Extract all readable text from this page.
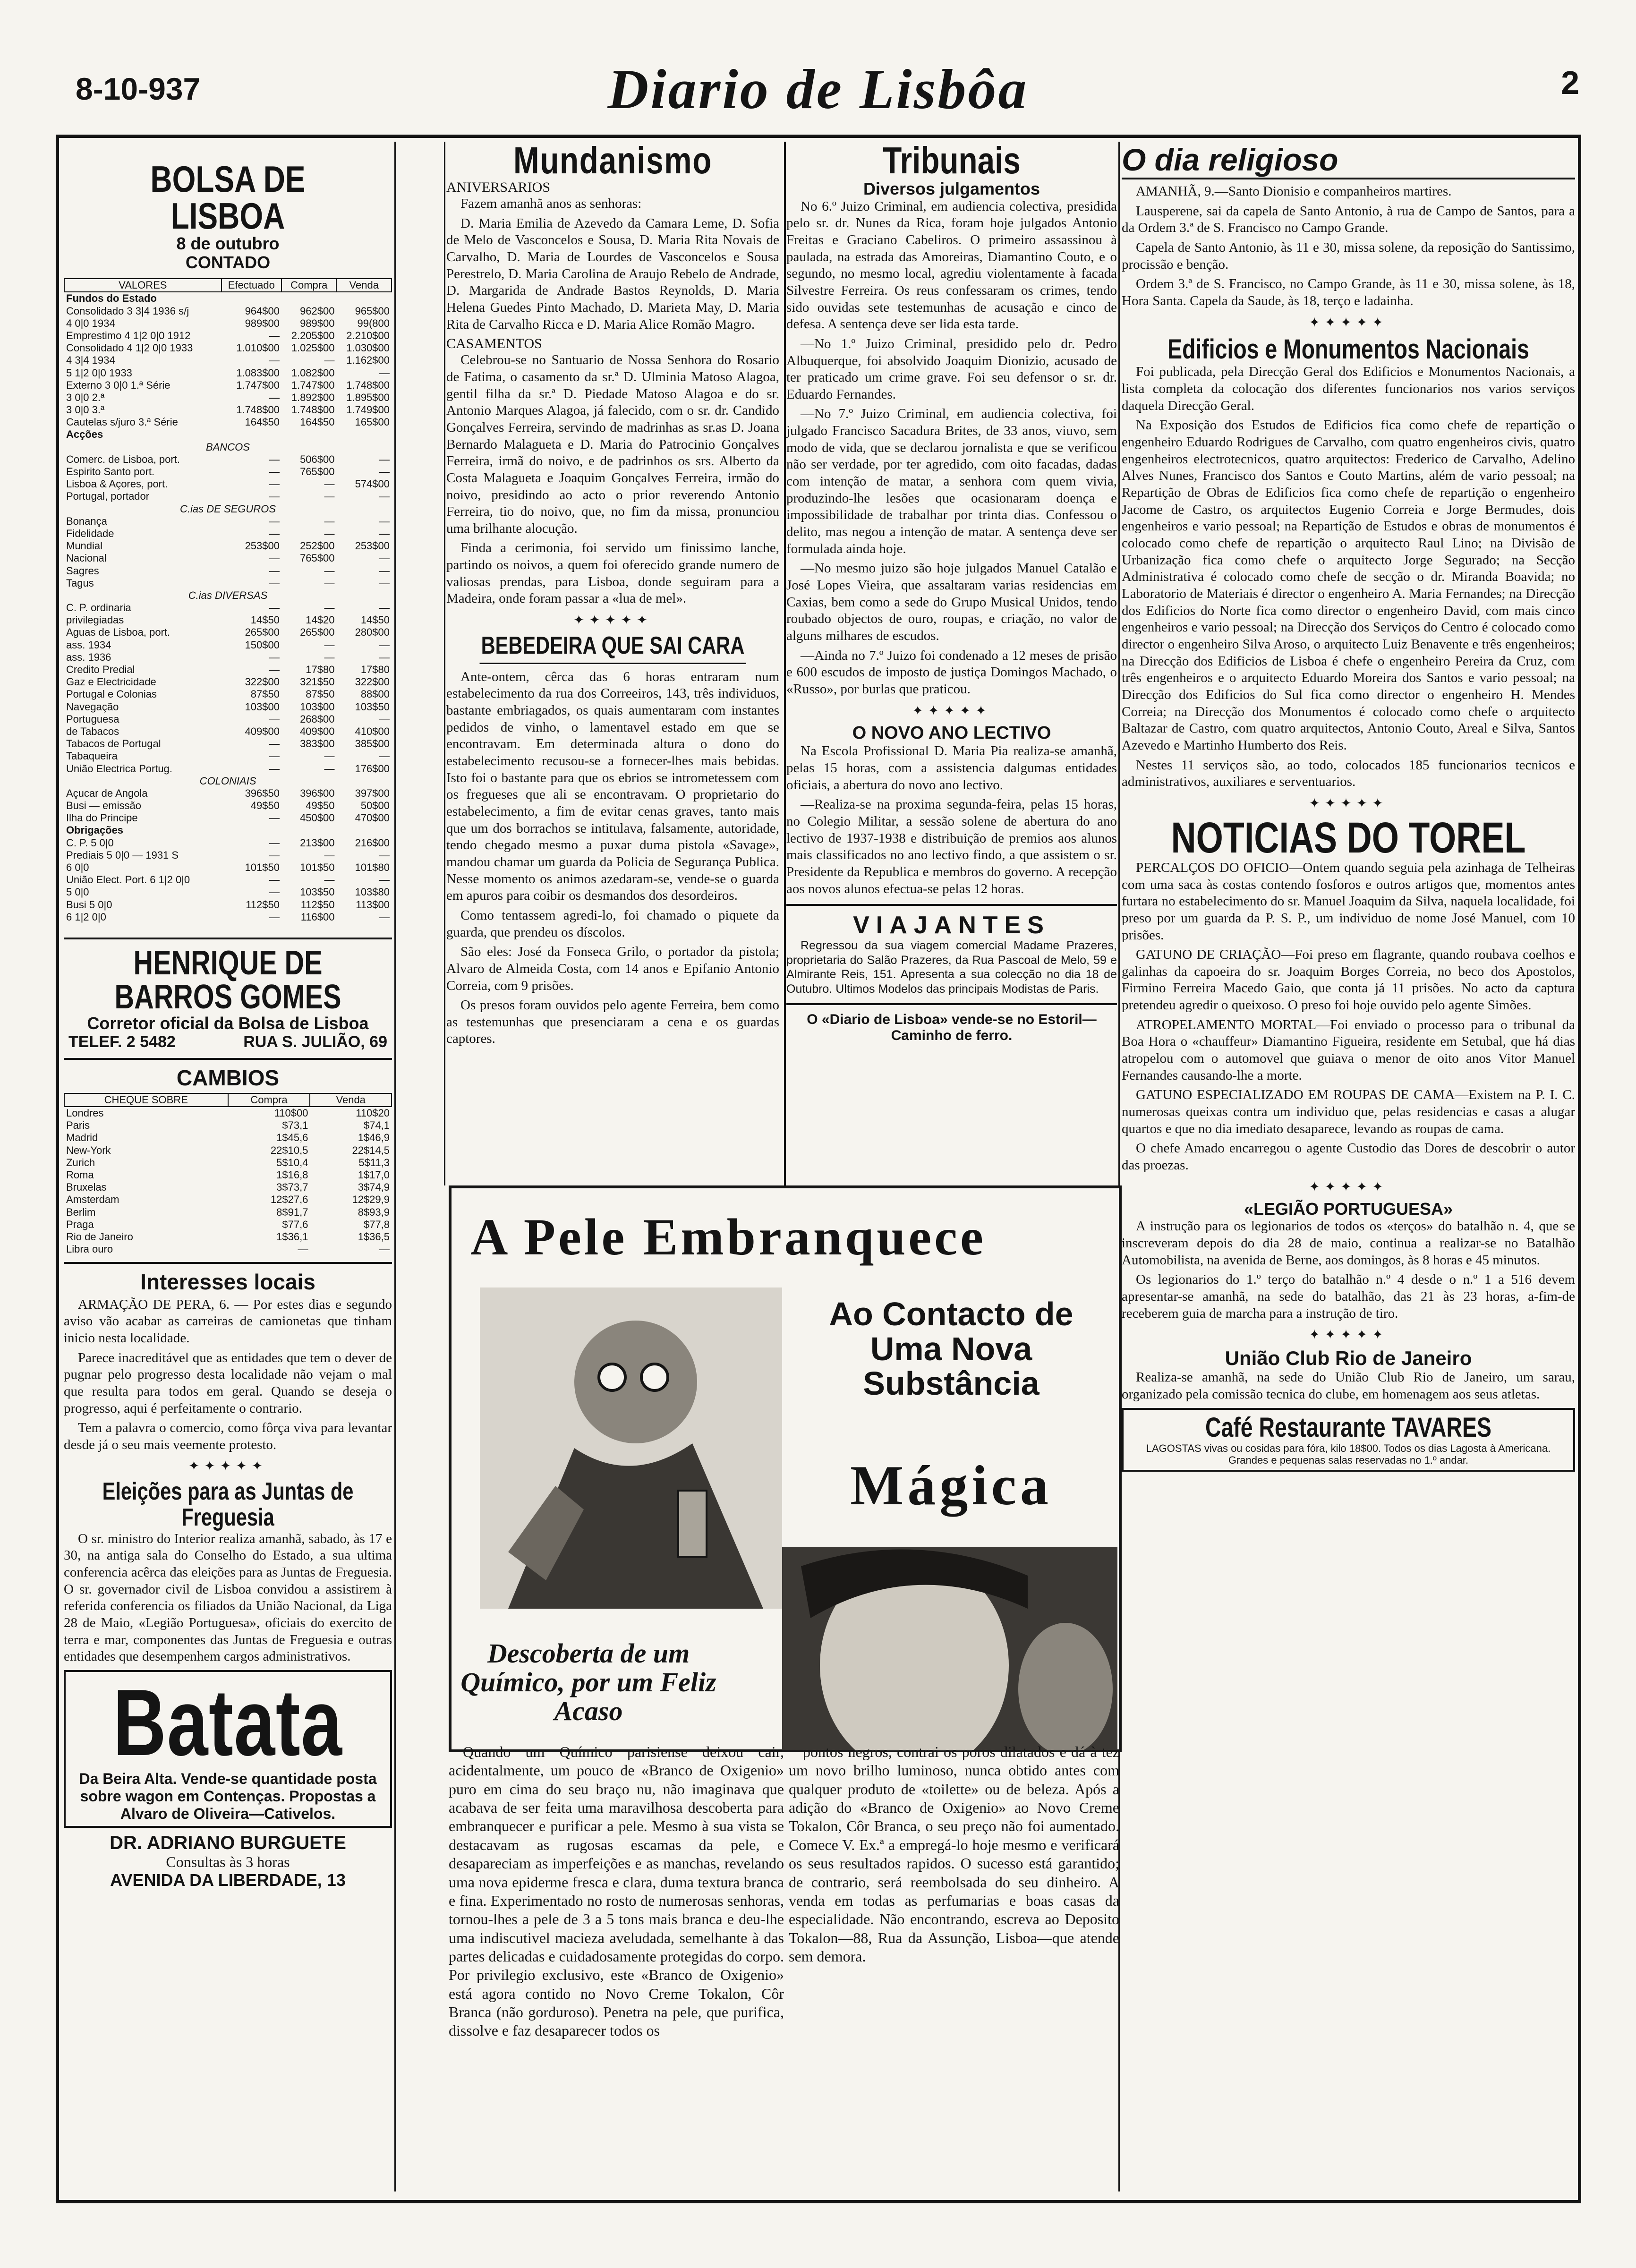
8-10-937	Diario de Lisbôa	2
BOLSA DE LISBOA
8 de outubro
CONTADO
VALORES	Efectuado	Compra	Venda
Fundos do Estado			
Consolidado 3 3|4 1936 s/j	964$00	962$00	965$00
4 0|0 1934	989$00	989$00	99(800
Emprestimo 4 1|2 0|0 1912	—	2.205$00	2.210$00
Consolidado 4 1|2 0|0 1933	1.010$00	1.025$00	1.030$00
4 3|4 1934	—	—	1.162$00
5 1|2 0|0 1933	1.083$00	1.082$00	—
Externo 3 0|0 1.ª Série	1.747$00	1.747$00	1.748$00
3 0|0 2.ª	—	1.892$00	1.895$00
3 0|0 3.ª	1.748$00	1.748$00	1.749$00
Cautelas s/juro 3.ª Série	164$50	164$50	165$00
Acções			
BANCOS			
Comerc. de Lisboa, port.	—	506$00	—
Espirito Santo port.	—	765$00	—
Lisboa & Açores, port.	—	—	574$00
Portugal, portador	—	—	—
C.ias DE SEGUROS			
Bonança	—	—	—
Fidelidade	—	—	—
Mundial	253$00	252$00	253$00
Nacional	—	765$00	—
Sagres	—	—	—
Tagus	—	—	—
C.ias DIVERSAS			
C. P. ordinaria	—	—	—
privilegiadas	14$50	14$20	14$50
Aguas de Lisboa, port.	265$00	265$00	280$00
ass. 1934	150$00	—	—
ass. 1936	—	—	—
Credito Predial	—	17$80	17$80
Gaz e Electricidade	322$00	321$50	322$00
Portugal e Colonias	87$50	87$50	88$00
Navegação	103$00	103$00	103$50
Portuguesa	—	268$00	—
de Tabacos	409$00	409$00	410$00
Tabacos de Portugal	—	383$00	385$00
Tabaqueira	—	—	—
União Electrica Portug.	—	—	176$00
COLONIAIS			
Açucar de Angola	396$50	396$00	397$00
Busi — emissão	49$50	49$50	50$00
Ilha do Principe	—	450$00	470$00
Obrigações			
C. P. 5 0|0	—	213$00	216$00
Prediais 5 0|0 — 1931 S	—	—	—
6 0|0	101$50	101$50	101$80
União Elect. Port. 6 1|2 0|0	—	—	—
5 0|0	—	103$50	103$80
Busi 5 0|0	112$50	112$50	113$00
6 1|2 0|0	—	116$00	—
HENRIQUE DE BARROS GOMES
Corretor oficial da Bolsa de Lisboa
TELEF. 2 5482	RUA S. JULIÃO, 69
CAMBIOS
CHEQUE SOBRE	Compra	Venda
Londres	110$00	110$20
Paris	$73,1	$74,1
Madrid	1$45,6	1$46,9
New-York	22$10,5	22$14,5
Zurich	5$10,4	5$11,3
Roma	1$16,8	1$17,0
Bruxelas	3$73,7	3$74,9
Amsterdam	12$27,6	12$29,9
Berlim	8$91,7	8$93,9
Praga	$77,6	$77,8
Rio de Janeiro	1$36,1	1$36,5
Libra ouro	—	—
Interesses locais

ARMAÇÃO DE PERA, 6. — Por estes dias e segundo aviso vão acabar as carreiras de camionetas que tinham inicio nesta localidade.

Parece inacreditável que as entidades que tem o dever de pugnar pelo progresso desta localidade não vejam o mal que resulta para todos em geral. Quando se deseja o progresso, aqui é perfeitamente o contrario.

Tem a palavra o comercio, como fôrça viva para levantar desde já o seu mais veemente protesto.

✦✦✦✦✦
Eleições para as Juntas de Freguesia

O sr. ministro do Interior realiza amanhã, sabado, às 17 e 30, na antiga sala do Conselho do Estado, a sua ultima conferencia acêrca das eleições para as Juntas de Freguesia. O sr. governador civil de Lisboa convidou a assistirem à referida conferencia os filiados da União Nacional, da Liga 28 de Maio, «Legião Portuguesa», oficiais do exercito de terra e mar, componentes das Juntas de Freguesia e outras entidades que desempenhem cargos administrativos.

Batata
Da Beira Alta. Vende-se quantidade posta sobre wagon em Contenças. Propostas a Alvaro de Oliveira—Cativelos.
DR. ADRIANO BURGUETE
Consultas às 3 horas
AVENIDA DA LIBERDADE, 13
Mundanismo
ANIVERSARIOS

Fazem amanhã anos as senhoras:

D. Maria Emilia de Azevedo da Camara Leme, D. Sofia de Melo de Vasconcelos e Sousa, D. Maria Rita Novais de Carvalho, D. Maria de Lourdes de Vasconcelos e Sousa Perestrelo, D. Maria Carolina de Araujo Rebelo de Andrade, D. Margarida de Andrade Bastos Reynolds, D. Maria Helena Guedes Pinto Machado, D. Marieta May, D. Maria Rita de Carvalho Ricca e D. Maria Alice Romão Magro.

CASAMENTOS

Celebrou-se no Santuario de Nossa Senhora do Rosario de Fatima, o casamento da sr.ª D. Ulminia Matoso Alagoa, gentil filha da sr.ª D. Piedade Matoso Alagoa e do sr. Antonio Marques Alagoa, já falecido, com o sr. dr. Candido Gonçalves Ferreira, servindo de madrinhas as sr.as D. Joana Bernardo Malagueta e D. Maria do Patrocinio Gonçalves Ferreira, irmã do noivo, e de padrinhos os srs. Alberto da Costa Malagueta e Joaquim Gonçalves Ferreira, irmão do noivo, presidindo ao acto o prior reverendo Antonio Ferreira, tio do noivo, que, no fim da missa, pronunciou uma brilhante alocução.

Finda a cerimonia, foi servido um finissimo lanche, partindo os noivos, a quem foi oferecido grande numero de valiosas prendas, para Lisboa, donde seguiram para a Madeira, onde foram passar a «lua de mel».

✦✦✦✦✦
BEBEDEIRA QUE SAI CARA

Ante-ontem, cêrca das 6 horas entraram num estabelecimento da rua dos Correeiros, 143, três individuos, bastante embriagados, os quais aumentaram com instantes pedidos de vinho, o lamentavel estado em que se encontravam. Em determinada altura o dono do estabelecimento recusou-se a fornecer-lhes mais bebidas. Isto foi o bastante para que os ebrios se intrometessem com os fregueses que ali se encontravam. O proprietario do estabelecimento, a fim de evitar cenas graves, tanto mais que um dos borrachos se intitulava, falsamente, autoridade, tendo chegado mesmo a puxar duma pistola «Savage», mandou chamar um guarda da Policia de Segurança Publica. Nesse momento os animos azedaram-se, vende-se o guarda em apuros para coibir os desmandos dos desordeiros.

Como tentassem agredi-lo, foi chamado o piquete da guarda, que prendeu os díscolos.

São eles: José da Fonseca Grilo, o portador da pistola; Alvaro de Almeida Costa, com 14 anos e Epifanio Antonio Correia, com 9 prisões.

Os presos foram ouvidos pelo agente Ferreira, bem como as testemunhas que presenciaram a cena e os guardas captores.

Tribunais
Diversos julgamentos

No 6.º Juizo Criminal, em audiencia colectiva, presidida pelo sr. dr. Nunes da Rica, foram hoje julgados Antonio Freitas e Graciano Cabeliros. O primeiro assassinou à paulada, na estrada das Amoreiras, Diamantino Couto, e o segundo, no mesmo local, agrediu violentamente à facada Silvestre Ferreira. Os reus confessaram os crimes, tendo sido ouvidas sete testemunhas de acusação e cinco de defesa. A sentença deve ser lida esta tarde.

—No 1.º Juizo Criminal, presidido pelo dr. Pedro Albuquerque, foi absolvido Joaquim Dionizio, acusado de ter praticado um crime grave. Foi seu defensor o sr. dr. Eduardo Fernandes.

—No 7.º Juizo Criminal, em audiencia colectiva, foi julgado Francisco Sacadura Brites, de 33 anos, viuvo, sem modo de vida, que se declarou jornalista e que se verificou não ser verdade, por ter agredido, com oito facadas, dadas com intenção de matar, a senhora com quem vivia, produzindo-lhe lesões que ocasionaram doença e impossibilidade de trabalhar por trinta dias. Confessou o delito, mas negou a intenção de matar. A sentença deve ser formulada ainda hoje.

—No mesmo juizo são hoje julgados Manuel Catalão e José Lopes Vieira, que assaltaram varias residencias em Caxias, bem como a sede do Grupo Musical Unidos, tendo roubado objectos de ouro, roupas, e criação, no valor de alguns milhares de escudos.

—Ainda no 7.º Juizo foi condenado a 12 meses de prisão e 600 escudos de imposto de justiça Domingos Machado, o «Russo», por burlas que praticou.

✦✦✦✦✦
O NOVO ANO LECTIVO

Na Escola Profissional D. Maria Pia realiza-se amanhã, pelas 15 horas, com a assistencia dalgumas entidades oficiais, a abertura do novo ano lectivo.

—Realiza-se na proxima segunda-feira, pelas 15 horas, no Colegio Militar, a sessão solene de abertura do ano lectivo de 1937-1938 e distribuição de premios aos alunos mais classificados no ano lectivo findo, a que assistem o sr. Presidente da Republica e membros do governo. A recepção aos novos alunos efectua-se pelas 12 horas.

VIAJANTES

Regressou da sua viagem comercial Madame Prazeres, proprietaria do Salão Prazeres, da Rua Pascoal de Melo, 59 e Almirante Reis, 151. Apresenta a sua colecção no dia 18 de Outubro. Ultimos Modelos das principais Modistas de Paris.

O «Diario de Lisboa» vende-se no Estoril—Caminho de ferro.
O dia religioso

AMANHÃ, 9.—Santo Dionisio e companheiros martires.

Lausperene, sai da capela de Santo Antonio, à rua de Campo de Santos, para a da Ordem 3.ª de S. Francisco no Campo Grande.

Capela de Santo Antonio, às 11 e 30, missa solene, da reposição do Santissimo, procissão e benção.

Ordem 3.ª de S. Francisco, no Campo Grande, às 11 e 30, missa solene, às 18, Hora Santa. Capela da Saude, às 18, terço e ladainha.

✦✦✦✦✦
Edificios e Monumentos Nacionais

Foi publicada, pela Direcção Geral dos Edificios e Monumentos Nacionais, a lista completa da colocação dos diferentes funcionarios nos varios serviços daquela Direcção Geral.

Na Exposição dos Estudos de Edificios fica como chefe de repartição o engenheiro Eduardo Rodrigues de Carvalho, com quatro engenheiros civis, quatro engenheiros electrotecnicos, quatro arquitectos: Frederico de Carvalho, Adelino Alves Nunes, Francisco dos Santos e Couto Martins, além de vario pessoal; na Repartição de Obras de Edificios fica como chefe de repartição o engenheiro Jacome de Castro, os arquitectos Eugenio Correia e Jorge Bermudes, dois engenheiros e vario pessoal; na Repartição de Estudos e obras de monumentos é colocado como chefe de repartição o arquitecto Raul Lino; na Divisão de Urbanização fica como chefe o arquitecto Jorge Segurado; na Secção Administrativa é colocado como chefe de secção o dr. Miranda Boavida; no Laboratorio de Materiais é director o engenheiro A. Maria Fernandes; na Direcção dos Edificios do Norte fica como director o engenheiro David, com mais cinco engenheiros e vario pessoal; na Direcção dos Serviços do Centro é colocado como director o engenheiro Silva Aroso, o arquitecto Luiz Benavente e três engenheiros; na Direcção dos Edificios de Lisboa é chefe o engenheiro Pereira da Cruz, com três engenheiros e o arquitecto Eduardo Moreira dos Santos e vario pessoal; na Direcção dos Edificios do Sul fica como director o engenheiro H. Mendes Correia; na Direcção dos Monumentos é colocado como chefe o arquitecto Baltazar de Castro, com quatro arquitectos, Antonio Couto, Areal e Silva, Santos Azevedo e Martinho Humberto dos Reis.

Nestes 11 serviços são, ao todo, colocados 185 funcionarios tecnicos e administrativos, auxiliares e serventuarios.

✦✦✦✦✦
NOTICIAS DO TOREL

PERCALÇOS DO OFICIO—Ontem quando seguia pela azinhaga de Telheiras com uma saca às costas contendo fosforos e outros artigos que, momentos antes furtara no estabelecimento do sr. Manuel Joaquim da Silva, naquela localidade, foi preso por um guarda da P. S. P., um individuo de nome José Manuel, com 10 prisões.

GATUNO DE CRIAÇÃO—Foi preso em flagrante, quando roubava coelhos e galinhas da capoeira do sr. Joaquim Borges Correia, no beco dos Apostolos, Firmino Ferreira Macedo Gaio, que conta já 11 prisões. No acto da captura pretendeu agredir o queixoso. O preso foi hoje ouvido pelo agente Simões.

ATROPELAMENTO MORTAL—Foi enviado o processo para o tribunal da Boa Hora o «chauffeur» Diamantino Figueira, residente em Setubal, que há dias atropelou com o automovel que guiava o menor de oito anos Vitor Manuel Fernandes causando-lhe a morte.

GATUNO ESPECIALIZADO EM ROUPAS DE CAMA—Existem na P. I. C. numerosas queixas contra um individuo que, pelas residencias e casas a alugar quartos e que no dia imediato desaparece, levando as roupas de cama.

O chefe Amado encarregou o agente Custodio das Dores de descobrir o autor das proezas.

✦✦✦✦✦
«LEGIÃO PORTUGUESA»

A instrução para os legionarios de todos os «terços» do batalhão n. 4, que se inscreveram depois do dia 28 de maio, continua a realizar-se no Batalhão Automobilista, na avenida de Berne, aos domingos, às 8 horas e 45 minutos.

Os legionarios do 1.º terço do batalhão n.º 4 desde o n.º 1 a 516 devem apresentar-se amanhã, na sede do batalhão, das 21 às 23 horas, a-fim-de receberem guia de marcha para a instrução de tiro.

✦✦✦✦✦
União Club Rio de Janeiro

Realiza-se amanhã, na sede do União Club Rio de Janeiro, um sarau, organizado pela comissão tecnica do clube, em homenagem aos seus atletas.

Café Restaurante TAVARES
LAGOSTAS vivas ou cosidas para fóra, kilo 18$00. Todos os dias Lagosta à Americana. Grandes e pequenas salas reservadas no 1.º andar.
A Pele Embranquece
Ao Contacto de Uma Nova Substância
Mágica
Descoberta de um Químico, por um Feliz Acaso

Quando um Químico parisiense deixou cair, acidentalmente, um pouco de «Branco de Oxigenio» puro em cima do seu braço nu, não imaginava que acabava de ser feita uma maravilhosa descoberta para embranquecer e purificar a pele. Mesmo à sua vista se destacavam as rugosas escamas da pele, e desapareciam as imperfeições e as manchas, revelando uma nova epiderme fresca e clara, duma textura branca e fina. Experimentado no rosto de numerosas senhoras, tornou-lhes a pele de 3 a 5 tons mais branca e deu-lhe uma indiscutivel macieza aveludada, semelhante à das partes delicadas e cuidadosamente protegidas do corpo. Por privilegio exclusivo, este «Branco de Oxigenio» está agora contido no Novo Creme Tokalon, Côr Branca (não gorduroso). Penetra na pele, que purifica, dissolve e faz desaparecer todos os

pontos negros, contrai os poros dilatados e dá à tez um novo brilho luminoso, nunca obtido antes com qualquer produto de «toilette» ou de beleza. Após a adição do «Branco de Oxigenio» ao Novo Creme Tokalon, Côr Branca, o seu preço não foi aumentado. Comece V. Ex.ª a empregá-lo hoje mesmo e verificará os seus resultados rapidos. O sucesso está garantido; de contrario, será reembolsada do seu dinheiro. A venda em todas as perfumarias e boas casas da especialidade. Não encontrando, escreva ao Deposito Tokalon—88, Rua da Assunção, Lisboa—que atende sem demora.
